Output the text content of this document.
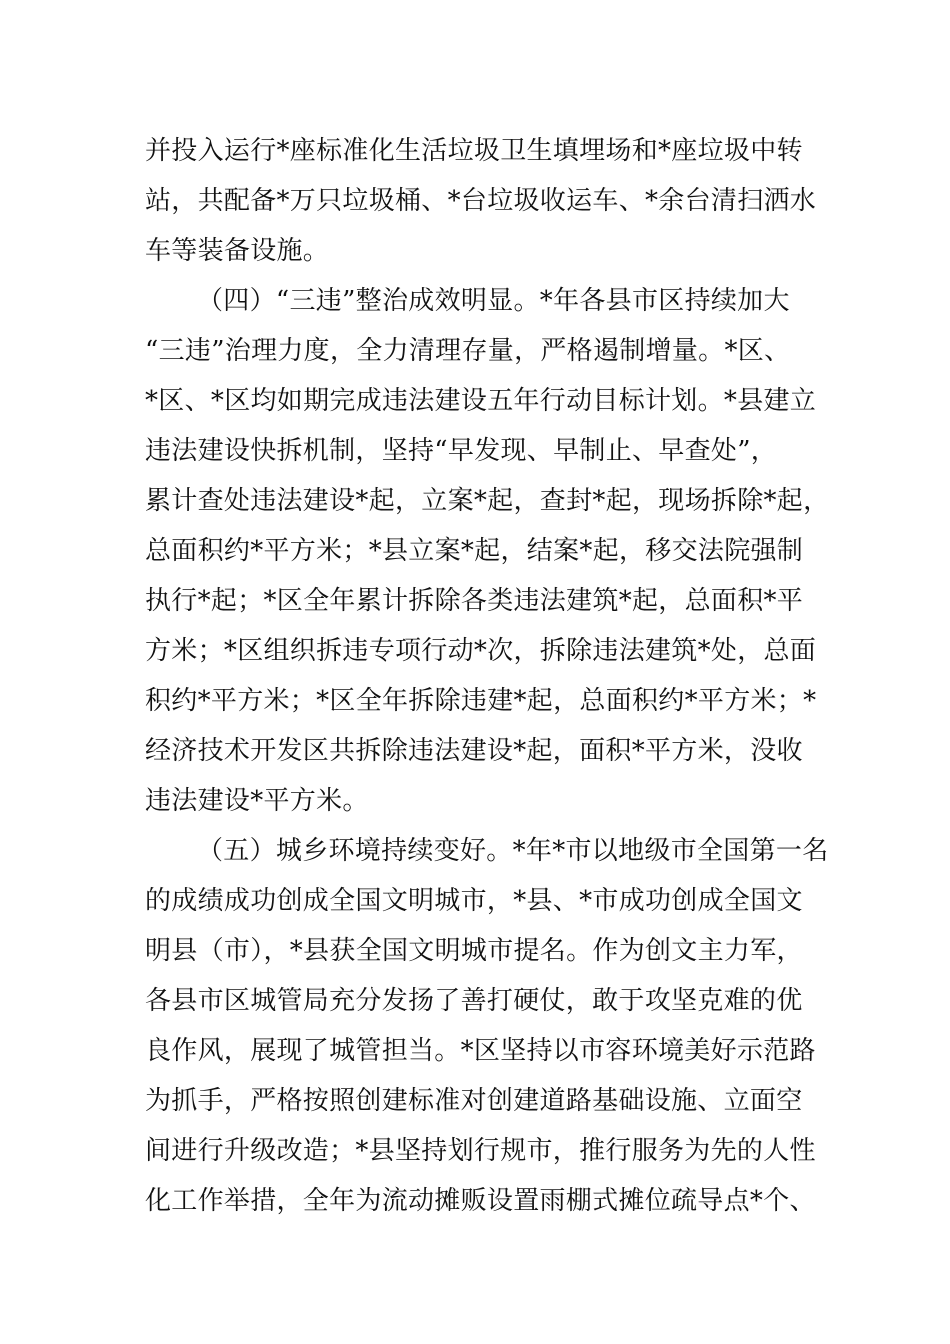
并投入运行*座标准化生活垃圾卫生填埋场和*座垃圾中转
站，共配备*万只垃圾桶、*台垃圾收运车、*余台清扫洒水
车等装备设施。
（四）“三违”整治成效明显。*年各县市区持续加大
“三违”治理力度，全力清理存量，严格遏制增量。*区、
*区、*区均如期完成违法建设五年行动目标计划。*县建立
违法建设快拆机制，坚持“早发现、早制止、早查处”，
累计查处违法建设*起，立案*起，查封*起，现场拆除*起，
总面积约*平方米；*县立案*起，结案*起，移交法院强制
执行*起；*区全年累计拆除各类违法建筑*起，总面积*平
方米；*区组织拆违专项行动*次，拆除违法建筑*处，总面
积约*平方米；*区全年拆除违建*起，总面积约*平方米；*
经济技术开发区共拆除违法建设*起，面积*平方米，没收
违法建设*平方米。
（五）城乡环境持续变好。*年*市以地级市全国第一名
的成绩成功创成全国文明城市，*县、*市成功创成全国文
明县（市），*县获全国文明城市提名。作为创文主力军，
各县市区城管局充分发扬了善打硬仗，敢于攻坚克难的优
良作风，展现了城管担当。*区坚持以市容环境美好示范路
为抓手，严格按照创建标准对创建道路基础设施、立面空
间进行升级改造；*县坚持划行规市，推行服务为先的人性
化工作举措，全年为流动摊贩设置雨棚式摊位疏导点*个、
